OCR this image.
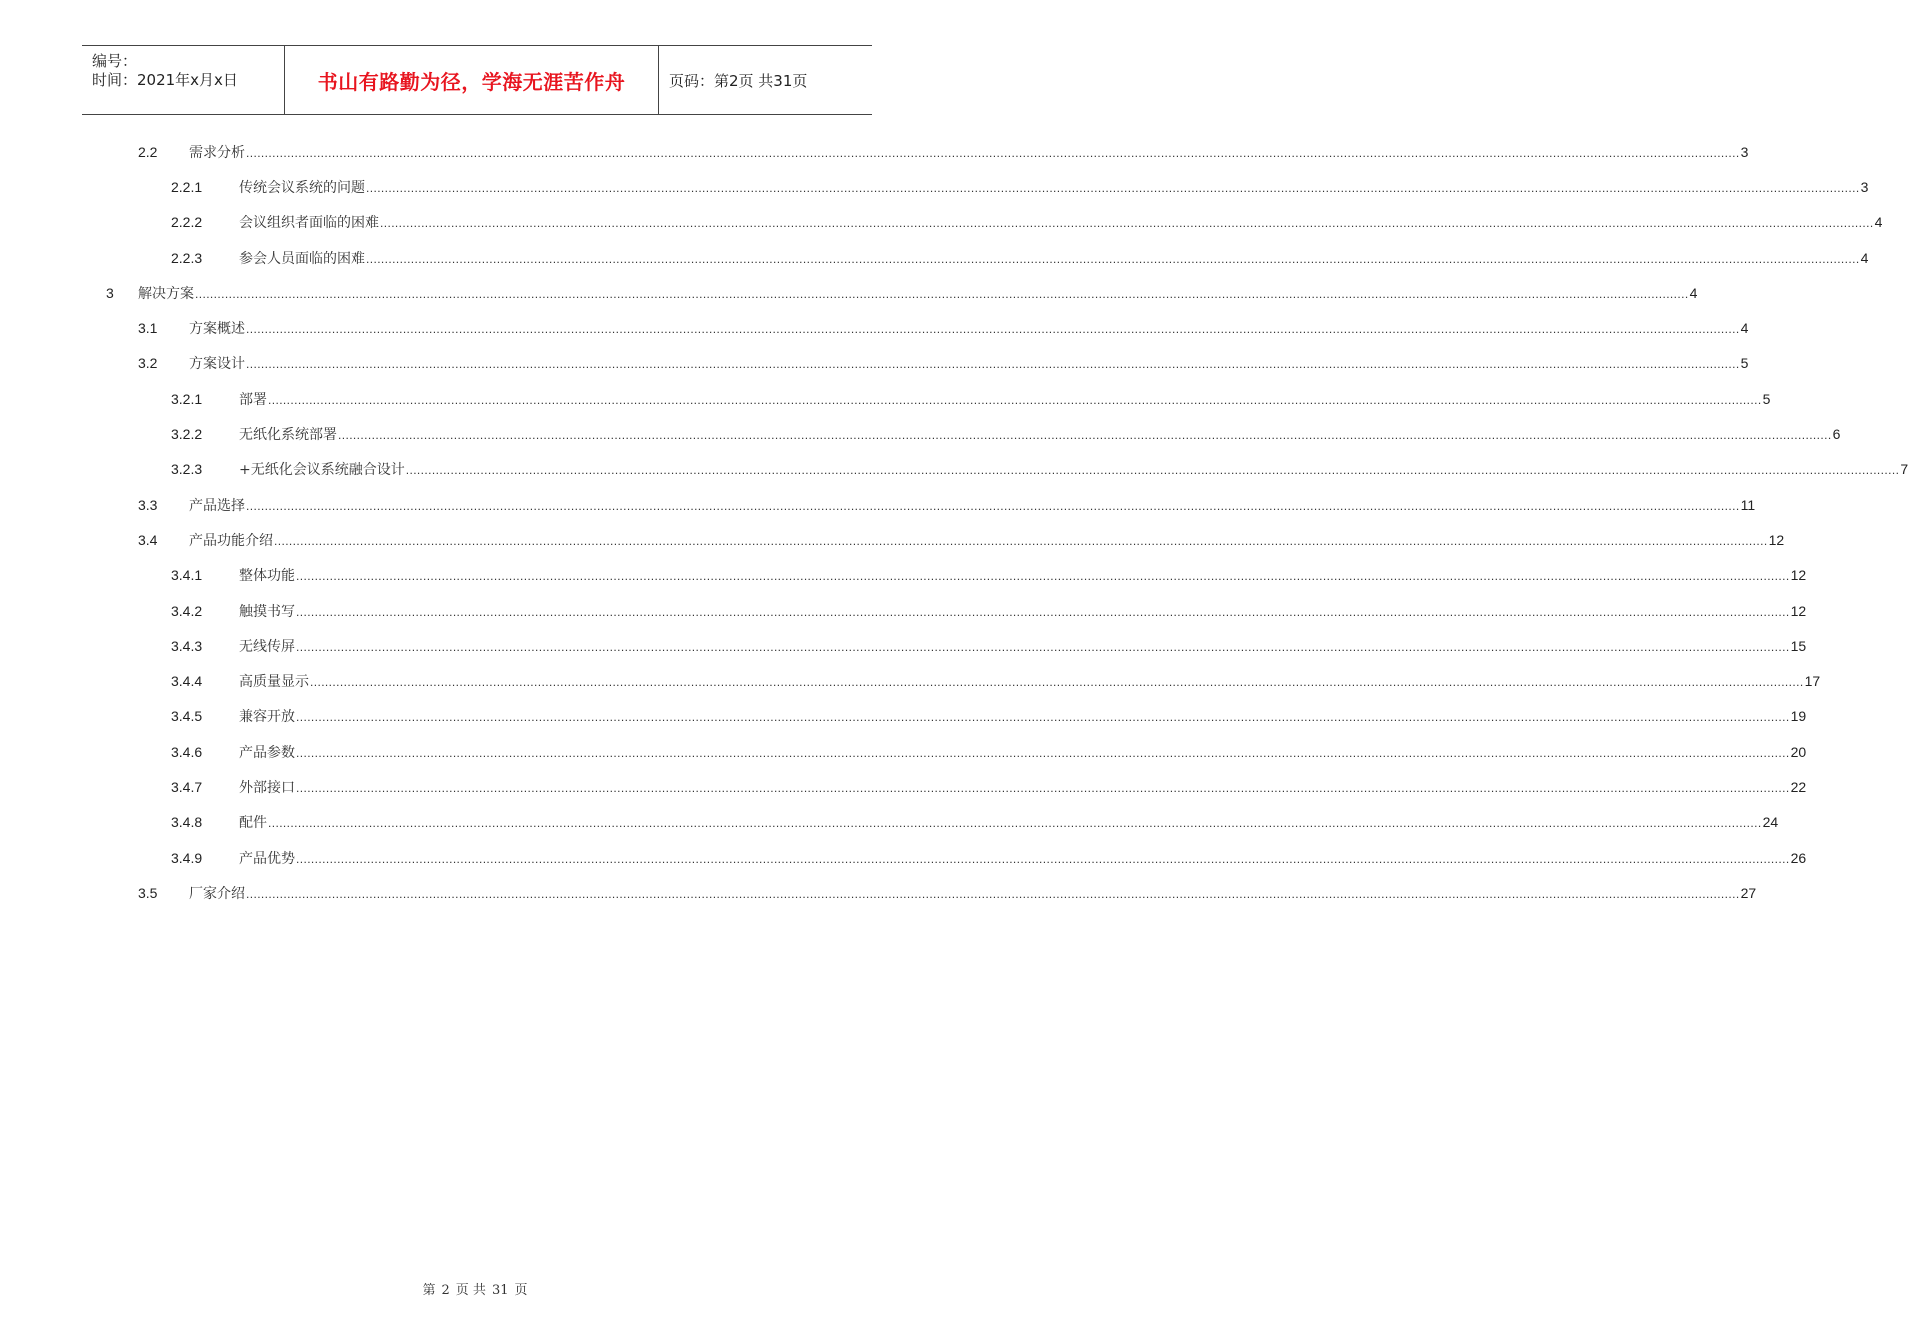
编号：
时间：2021年x月x日	书山有路勤为径，学海无涯苦作舟	页码：第2页 共31页
2.2 需求分析 ................................................................................................................................................................................................................................................................................................................................................................................................................ 3
2.2.1	传统会议系统的问题 ................................................................................................................................................................................................................................................................................................................................................................................................................ 3
2.2.2	会议组织者面临的困难 ................................................................................................................................................................................................................................................................................................................................................................................................................ 4
2.2.3	参会人员面临的困难 ................................................................................................................................................................................................................................................................................................................................................................................................................ 4
3 解决方案 ................................................................................................................................................................................................................................................................................................................................................................................................................ 4
3.1 方案概述 ................................................................................................................................................................................................................................................................................................................................................................................................................ 4
3.2 方案设计 ................................................................................................................................................................................................................................................................................................................................................................................................................ 5
3.2.1	部署 ................................................................................................................................................................................................................................................................................................................................................................................................................ 5
3.2.2	无纸化系统部署 ................................................................................................................................................................................................................................................................................................................................................................................................................ 6
3.2.3	+无纸化会议系统融合设计 ................................................................................................................................................................................................................................................................................................................................................................................................................ 7
3.3 产品选择 ................................................................................................................................................................................................................................................................................................................................................................................................................ 11
3.4 产品功能介绍 ................................................................................................................................................................................................................................................................................................................................................................................................................ 12
3.4.1	整体功能 ................................................................................................................................................................................................................................................................................................................................................................................................................ 12
3.4.2	触摸书写 ................................................................................................................................................................................................................................................................................................................................................................................................................ 12
3.4.3	无线传屏 ................................................................................................................................................................................................................................................................................................................................................................................................................ 15
3.4.4	高质量显示 ................................................................................................................................................................................................................................................................................................................................................................................................................ 17
3.4.5	兼容开放 ................................................................................................................................................................................................................................................................................................................................................................................................................ 19
3.4.6	产品参数 ................................................................................................................................................................................................................................................................................................................................................................................................................ 20
3.4.7	外部接口 ................................................................................................................................................................................................................................................................................................................................................................................................................ 22
3.4.8	配件 ................................................................................................................................................................................................................................................................................................................................................................................................................ 24
3.4.9	产品优势 ................................................................................................................................................................................................................................................................................................................................................................................................................ 26
3.5 厂家介绍 ................................................................................................................................................................................................................................................................................................................................................................................................................ 27
第 2 页 共 31 页
